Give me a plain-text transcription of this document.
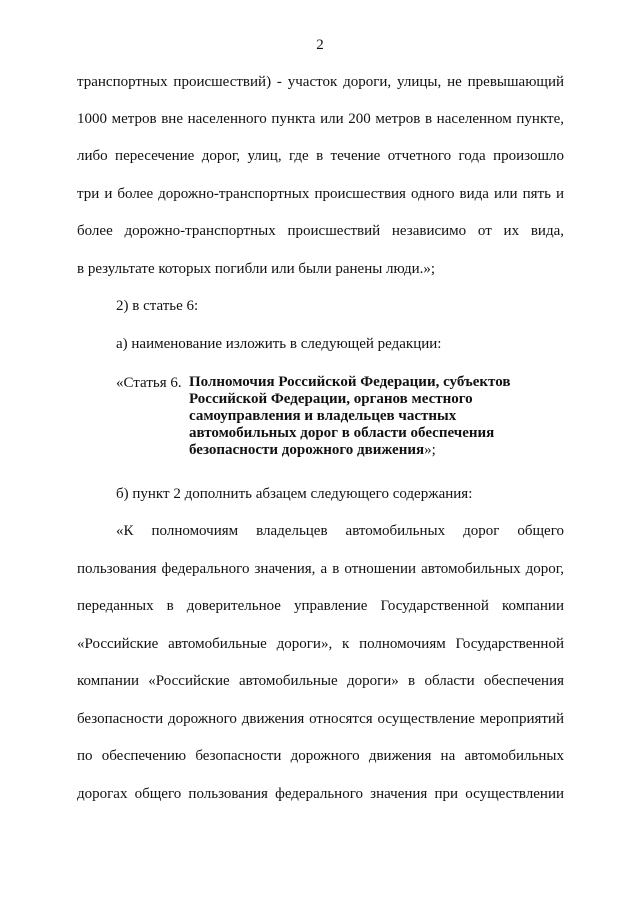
2
транспортных происшествий) - участок дороги, улицы, не превышающий
1000 метров вне населенного пункта или 200 метров в населенном пункте,
либо пересечение дорог, улиц, где в течение отчетного года произошло
три и более дорожно-транспортных происшествия одного вида или пять и
более дорожно-транспортных происшествий независимо от их вида,
в результате которых погибли или были ранены люди.»;
2) в статье 6:
а) наименование изложить в следующей редакции:
«Статья 6. Полномочия Российской Федерации, субъектов
Российской Федерации, органов местного
самоуправления и владельцев частных
автомобильных дорог в области обеспечения
безопасности дорожного движения»;
б) пункт 2 дополнить абзацем следующего содержания:
«К полномочиям владельцев автомобильных дорог общего
пользования федерального значения, а в отношении автомобильных дорог,
переданных в доверительное управление Государственной компании
«Российские автомобильные дороги», к полномочиям Государственной
компании «Российские автомобильные дороги» в области обеспечения
безопасности дорожного движения относятся осуществление мероприятий
по обеспечению безопасности дорожного движения на автомобильных
дорогах общего пользования федерального значения при осуществлении
